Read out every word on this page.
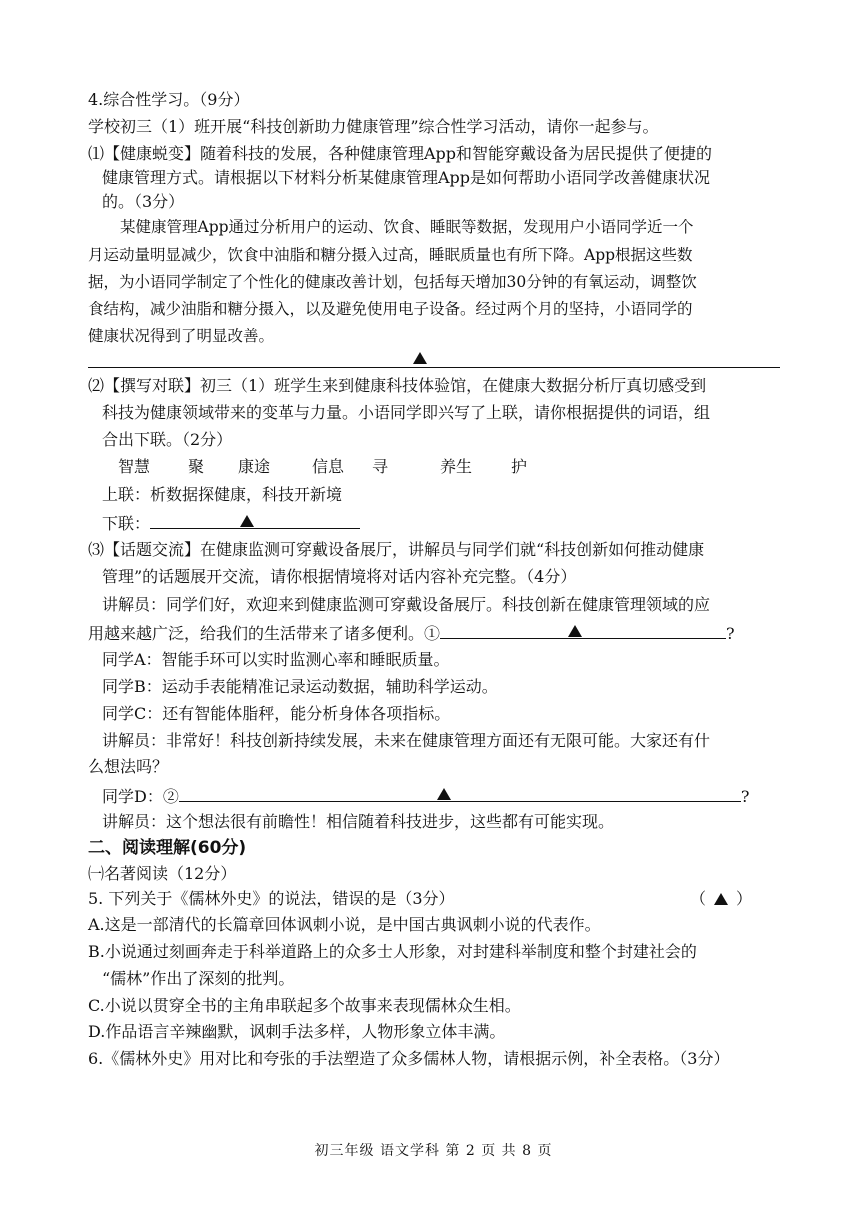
4.综合性学习。（9分）
学校初三（1）班开展“科技创新助力健康管理”综合性学习活动，请你一起参与。
⑴【健康蜕变】随着科技的发展，各种健康管理App和智能穿戴设备为居民提供了便捷的
健康管理方式。请根据以下材料分析某健康管理App是如何帮助小语同学改善健康状况
的。（3分）
某健康管理App通过分析用户的运动、饮食、睡眠等数据，发现用户小语同学近一个
月运动量明显减少，饮食中油脂和糖分摄入过高，睡眠质量也有所下降。App根据这些数
据，为小语同学制定了个性化的健康改善计划，包括每天增加30分钟的有氧运动，调整饮
食结构，减少油脂和糖分摄入，以及避免使用电子设备。经过两个月的坚持，小语同学的
健康状况得到了明显改善。
⑵【撰写对联】初三（1）班学生来到健康科技体验馆，在健康大数据分析厅真切感受到
科技为健康领域带来的变革与力量。小语同学即兴写了上联，请你根据提供的词语，组
合出下联。（2分）
智慧 聚 康途	信息 寻	养生 护
上联：析数据探健康，科技开新境
下联：
⑶【话题交流】在健康监测可穿戴设备展厅，讲解员与同学们就“科技创新如何推动健康
管理”的话题展开交流，请你根据情境将对话内容补充完整。（4分）
讲解员：同学们好，欢迎来到健康监测可穿戴设备展厅。科技创新在健康管理领域的应
用越来越广泛，给我们的生活带来了诸多便利。①	?
同学A：智能手环可以实时监测心率和睡眠质量。
同学B：运动手表能精准记录运动数据，辅助科学运动。
同学C：还有智能体脂秤，能分析身体各项指标。
讲解员：非常好！科技创新持续发展，未来在健康管理方面还有无限可能。大家还有什
么想法吗？
同学D：②	?
讲解员：这个想法很有前瞻性！相信随着科技进步，这些都有可能实现。
二、阅读理解(60分)
㈠名著阅读（12分）
5. 下列关于《儒林外史》的说法，错误的是（3分）	（ ）
A.这是一部清代的长篇章回体讽刺小说，是中国古典讽刺小说的代表作。
B.小说通过刻画奔走于科举道路上的众多士人形象，对封建科举制度和整个封建社会的
“儒林”作出了深刻的批判。
C.小说以贯穿全书的主角串联起多个故事来表现儒林众生相。
D.作品语言辛辣幽默，讽刺手法多样，人物形象立体丰满。
6.《儒林外史》用对比和夸张的手法塑造了众多儒林人物，请根据示例，补全表格。（3分）
初三年级 语文学科 第 2 页 共 8 页
